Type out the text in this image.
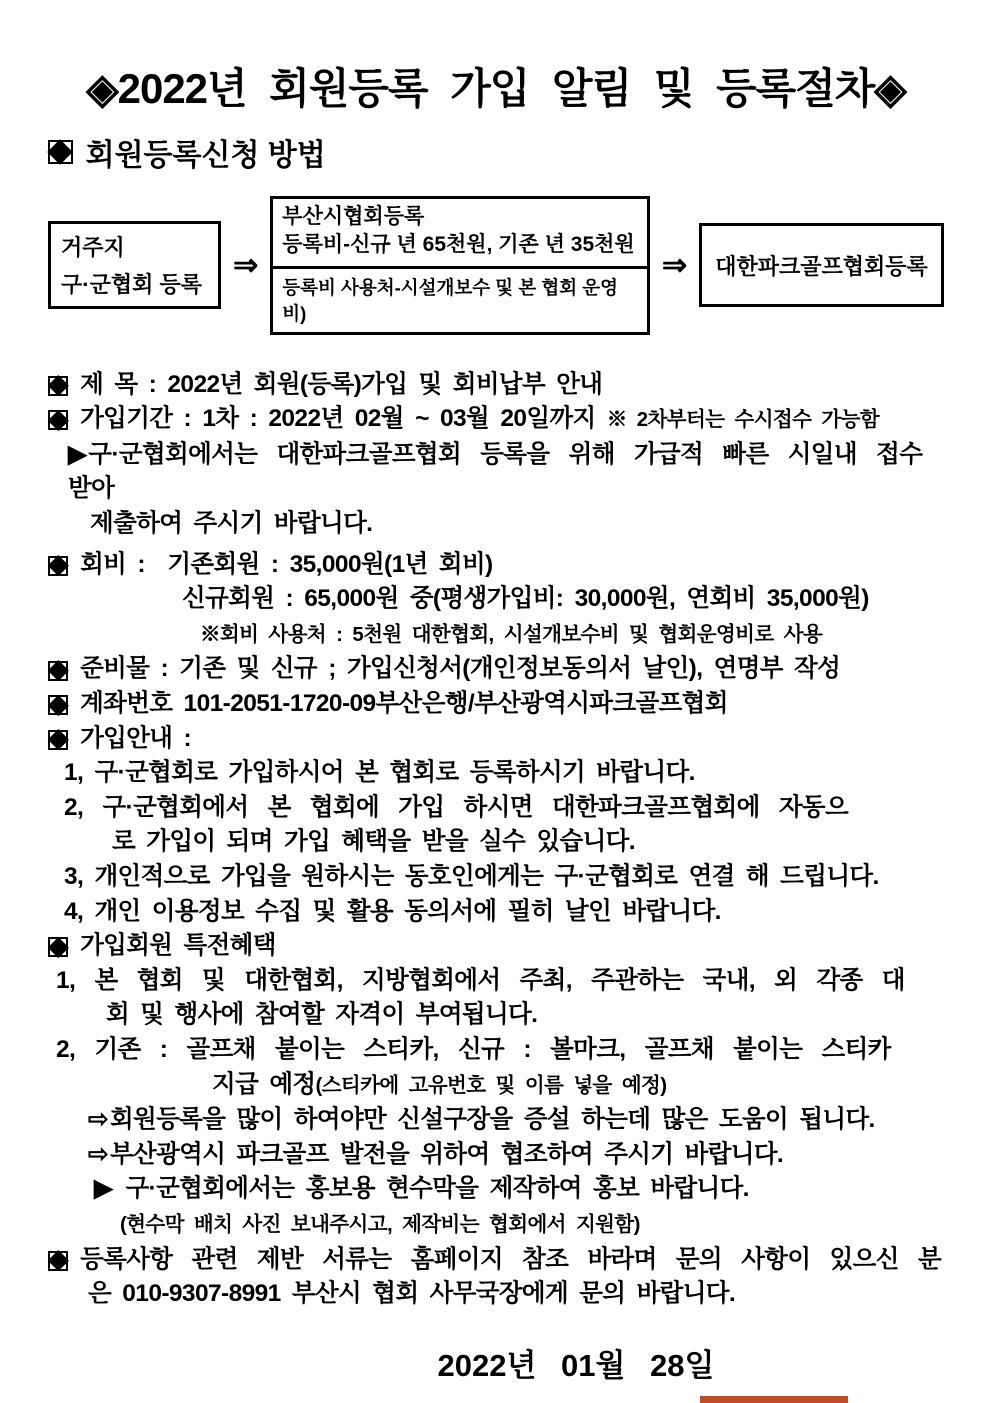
◈2022년 회원등록 가입 알림 및 등록절차◈
회원등록신청 방법
거주지
구·군협회 등록
⇒
부산시협회등록
등록비-신규 년 65천원, 기존 년 35천원
등록비 사용처-시설개보수 및 본 협회 운영비)
⇒	대한파크골프협회등록
제 목 : 2022년 회원(등록)가입 및 회비납부 안내
가입기간 : 1차 : 2022년 02월 ~ 03월 20일까지 ※ 2차부터는 수시접수 가능함
▶구·군협회에서는 대한파크골프협회 등록을 위해 가급적 빠른 시일내 접수 받아
제출하여 주시기 바랍니다.
회비 :  기존회원 : 35,000원(1년 회비)
신규회원 : 65,000원 중(평생가입비: 30,000원, 연회비 35,000원)
※회비 사용처 : 5천원 대한협회, 시설개보수비 및 협회운영비로 사용
준비물 : 기존 및 신규 ; 가입신청서(개인정보동의서 날인), 연명부 작성
계좌번호 101-2051-1720-09부산은행/부산광역시파크골프협회
가입안내 :
1, 구·군협회로 가입하시어 본 협회로 등록하시기 바랍니다.
2, 구·군협회에서 본 협회에 가입 하시면 대한파크골프협회에 자동으
로 가입이 되며 가입 혜택을 받을 실수 있습니다.
3, 개인적으로 가입을 원하시는 동호인에게는 구·군협회로 연결 해 드립니다.
4, 개인 이용정보 수집 및 활용 동의서에 필히 날인 바랍니다.
가입회원 특전혜택
1, 본 협회 및 대한협회, 지방협회에서 주최, 주관하는 국내, 외 각종 대
회 및 행사에 참여할 자격이 부여됩니다.
2, 기존 : 골프채 붙이는 스티카, 신규 : 볼마크, 골프채 붙이는 스티카
지급 예정(스티카에 고유번호 및 이름 넣을 예정)
⇨회원등록을 많이 하여야만 신설구장을 증설 하는데 많은 도움이 됩니다.
⇨부산광역시 파크골프 발전을 위하여 협조하여 주시기 바랍니다.
▶ 구·군협회에서는 홍보용 현수막을 제작하여 홍보 바랍니다.
(현수막 배치 사진 보내주시고, 제작비는 협회에서 지원함)
등록사항 관련 제반 서류는 홈페이지 참조 바라며 문의 사항이 있으신 분
은 010-9307-8991 부산시 협회 사무국장에게 문의 바랍니다.
2022년 01월 28일
